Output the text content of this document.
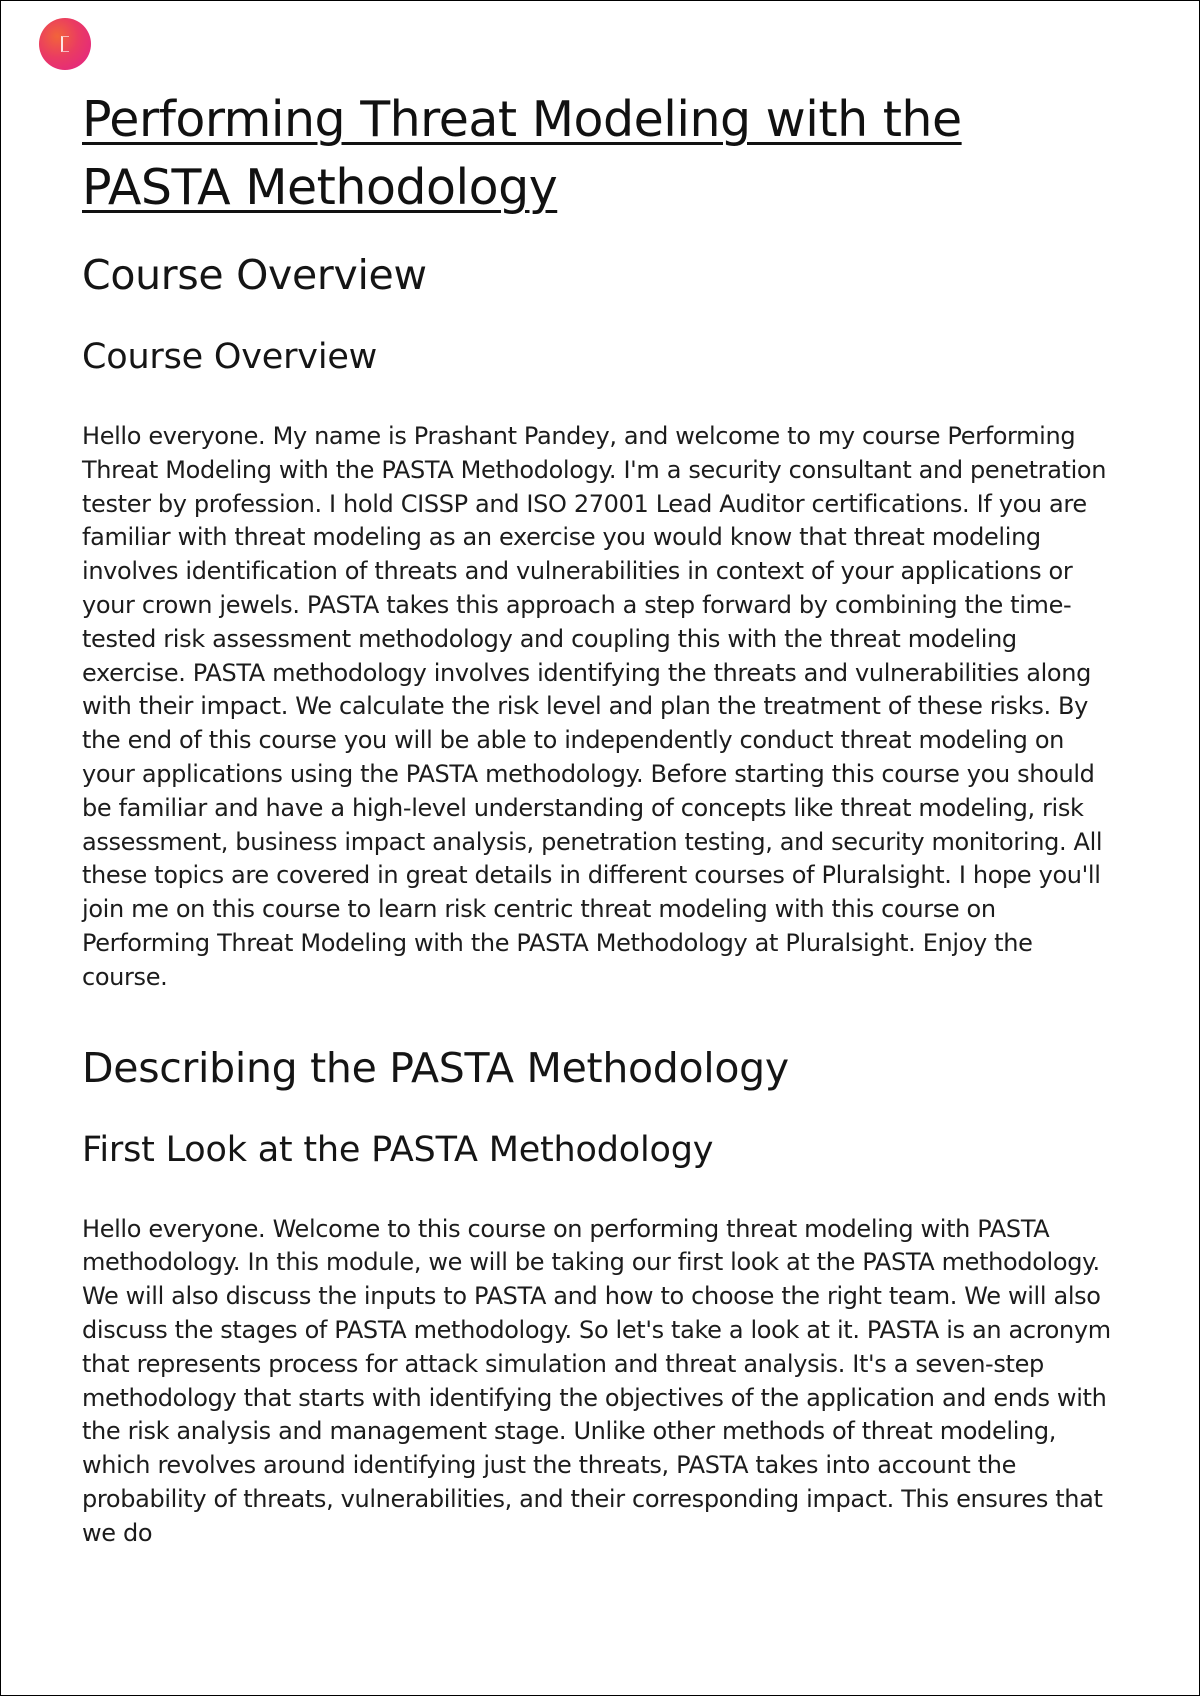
Performing Threat Modeling with the PASTA Methodology
Course Overview
Course Overview

Hello everyone. My name is Prashant Pandey, and welcome to my course Performing Threat Modeling with the PASTA Methodology. I'm a security consultant and penetration tester by profession. I hold CISSP and ISO 27001 Lead Auditor certifications. If you are familiar with threat modeling as an exercise you would know that threat modeling involves identification of threats and vulnerabilities in context of your applications or your crown jewels. PASTA takes this approach a step forward by combining the time-tested risk assessment methodology and coupling this with the threat modeling exercise. PASTA methodology involves identifying the threats and vulnerabilities along with their impact. We calculate the risk level and plan the treatment of these risks. By the end of this course you will be able to independently conduct threat modeling on your applications using the PASTA methodology. Before starting this course you should be familiar and have a high-level understanding of concepts like threat modeling, risk assessment, business impact analysis, penetration testing, and security monitoring. All these topics are covered in great details in different courses of Pluralsight. I hope you'll join me on this course to learn risk centric threat modeling with this course on Performing Threat Modeling with the PASTA Methodology at Pluralsight. Enjoy the course.

Describing the PASTA Methodology
First Look at the PASTA Methodology

Hello everyone. Welcome to this course on performing threat modeling with PASTA methodology. In this module, we will be taking our first look at the PASTA methodology. We will also discuss the inputs to PASTA and how to choose the right team. We will also discuss the stages of PASTA methodology. So let's take a look at it. PASTA is an acronym that represents process for attack simulation and threat analysis. It's a seven-step methodology that starts with identifying the objectives of the application and ends with the risk analysis and management stage. Unlike other methods of threat modeling, which revolves around identifying just the threats, PASTA takes into account the probability of threats, vulnerabilities, and their corresponding impact. This ensures that we do
